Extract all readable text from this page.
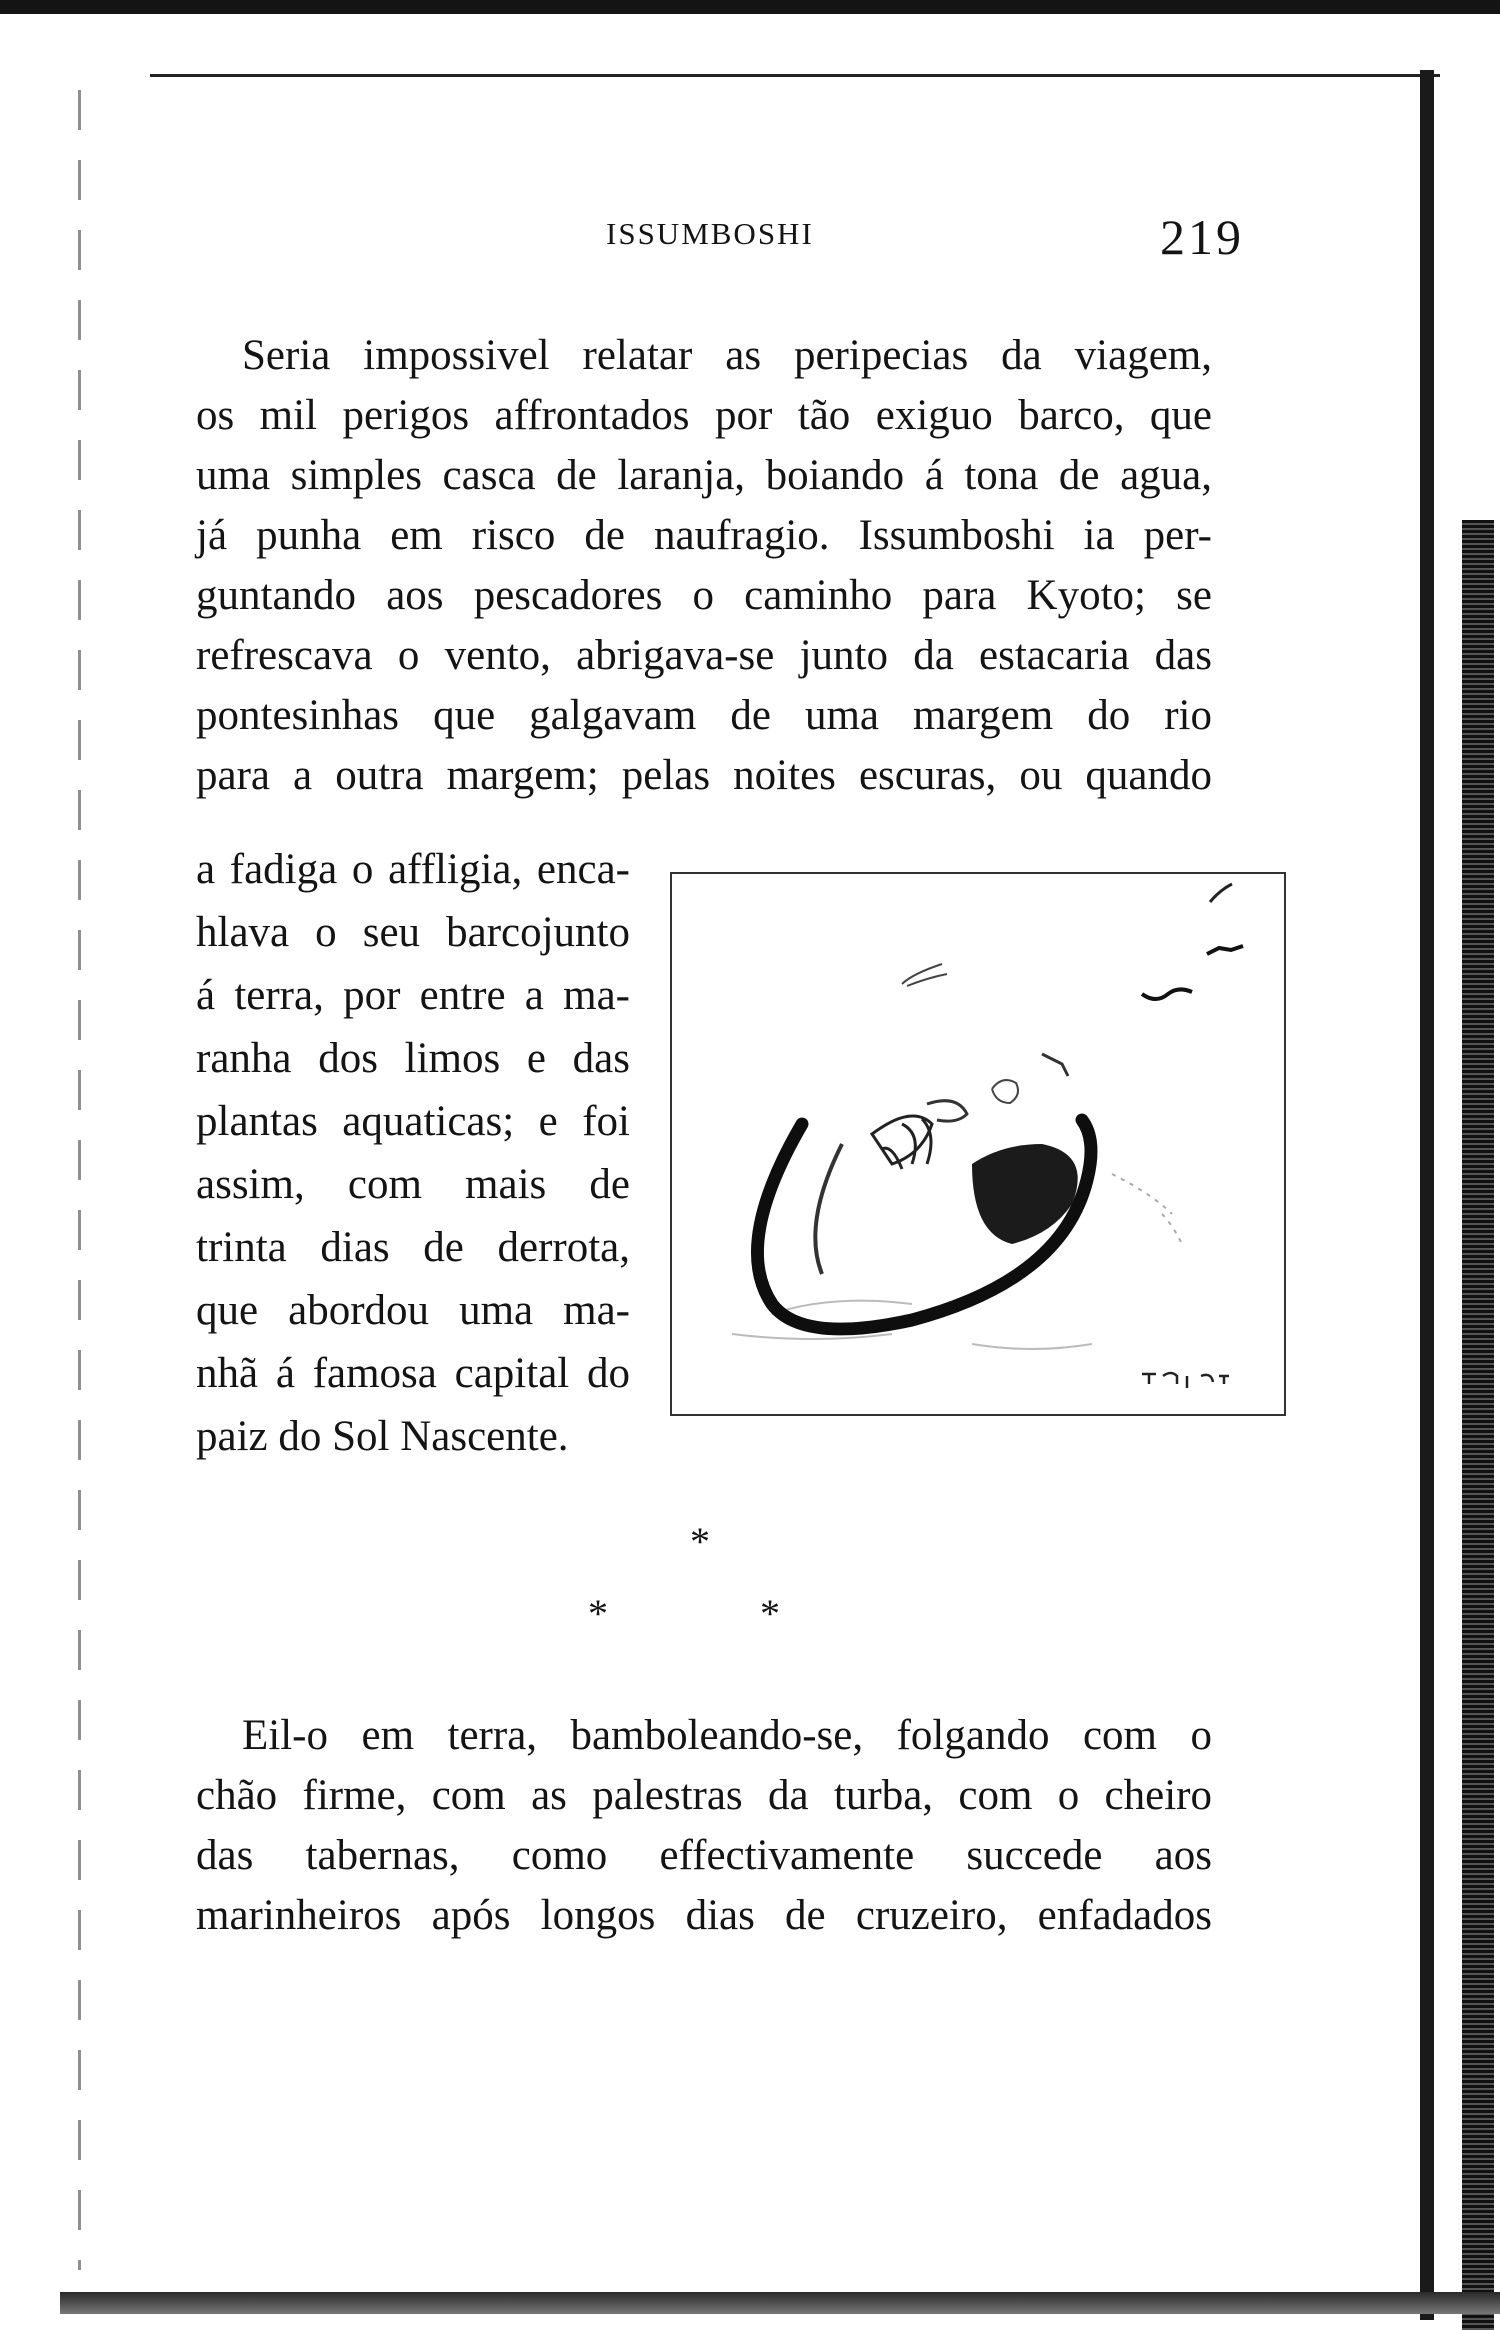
ISSUMBOSHI	219
Seria impossivel relatar as peripecias da viagem,
os mil perigos affrontados por tão exiguo barco, que
uma simples casca de laranja, boiando á tona de agua,
já punha em risco de naufragio. Issumboshi ia per-
guntando aos pescadores o caminho para Kyoto; se
refrescava o vento, abrigava-se junto da estacaria das
pontesinhas que galgavam de uma margem do rio
para a outra margem; pelas noites escuras, ou quando
a fadiga o affligia, enca-
hlava o seu barcojunto
á terra, por entre a ma-
ranha dos limos e das
plantas aquaticas; e foi
assim, com mais de
trinta dias de derrota,
que abordou uma ma-
nhã á famosa capital do
paiz do Sol Nascente.
*
*	*
Eil-o em terra, bamboleando-se, folgando com o
chão firme, com as palestras da turba, com o cheiro
das tabernas, como effectivamente succede aos
marinheiros após longos dias de cruzeiro, enfadados
